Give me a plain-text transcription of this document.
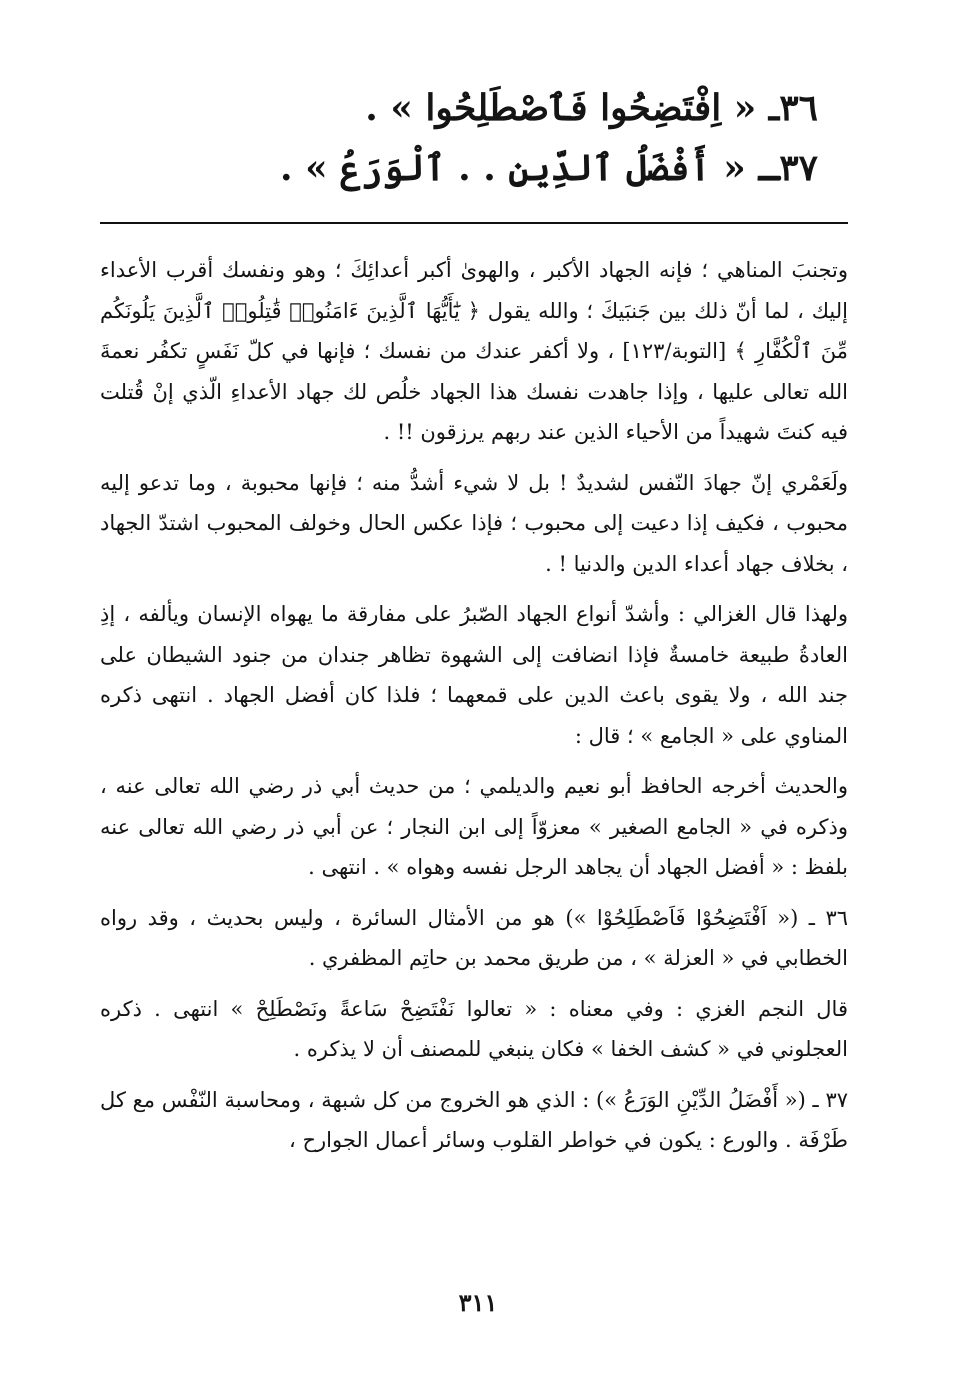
٣٦ـ « اِفْتَضِحُوا فَٱصْطَلِحُوا » .
٣٧ـ « أَفْضَلُ ٱلدِّينِ . . ٱلْوَرَعُ » .

وتجنبَ المناهي ؛ فإنه الجهاد الأكبر ، والهوىٰ أكبر أعدائِكَ ؛ وهو ونفسك أقرب الأعداء إليك ، لما أنّ ذلك بين جَنبَيكَ ؛ والله يقول ﴿ يَٰٓأَيُّهَا ٱلَّذِينَ ءَامَنُوا۟ قَٰتِلُوا۟ ٱلَّذِينَ يَلُونَكُم مِّنَ ٱلْكُفَّارِ ﴾ [التوبة/١٢٣] ، ولا أكفر عندك من نفسك ؛ فإنها في كلّ نَفَسٍ تكفُر نعمةَ الله تعالى عليها ، وإذا جاهدت نفسك هذا الجهاد خلُص لك جهاد الأعداءِ الّذي إنْ قُتلت فيه كنتَ شهيداً من الأحياء الذين عند ربهم يرزقون !! .

ولَعَمْري إنّ جهادَ النّفس لشديدٌ ! بل لا شيء أشدُّ منه ؛ فإنها محبوبة ، وما تدعو إليه محبوب ، فكيف إذا دعيت إلى محبوب ؛ فإذا عكس الحال وخولف المحبوب اشتدّ الجهاد ، بخلاف جهاد أعداء الدين والدنيا ! .

ولهذا قال الغزالي : وأشدّ أنواع الجهاد الصّبرُ على مفارقة ما يهواه الإنسان ويألفه ، إذِ العادةُ طبيعة خامسةٌ فإذا انضافت إلى الشهوة تظاهر جندان من جنود الشيطان على جند الله ، ولا يقوى باعث الدين على قمعهما ؛ فلذا كان أفضل الجهاد . انتهى ذكره المناوي على « الجامع » ؛ قال :

والحديث أخرجه الحافظ أبو نعيم والديلمي ؛ من حديث أبي ذر رضي الله تعالى عنه ، وذكره في « الجامع الصغير » معزوّاً إلى ابن النجار ؛ عن أبي ذر رضي الله تعالى عنه بلفظ : « أفضل الجهاد أن يجاهد الرجل نفسه وهواه » . انتهى .

٣٦ ـ (« اَفْتَضِحُوْا فَاَصْطَلِحُوْا ») هو من الأمثال السائرة ، وليس بحديث ، وقد رواه الخطابي في « العزلة » ، من طريق محمد بن حاتِم المظفري .

قال النجم الغزي : وفي معناه : « تعالوا نَفْتَضِحْ سَاعةً ونَصْطَلِحْ » انتهى . ذكره العجلوني في « كشف الخفا » فكان ينبغي للمصنف أن لا يذكره .

٣٧ ـ (« أَفْضَلُ الدِّيْنِ الوَرَعُ ») : الذي هو الخروج من كل شبهة ، ومحاسبة النّفْس مع كل طَرْفَة . والورع : يكون في خواطر القلوب وسائر أعمال الجوارح ،

٣١١
